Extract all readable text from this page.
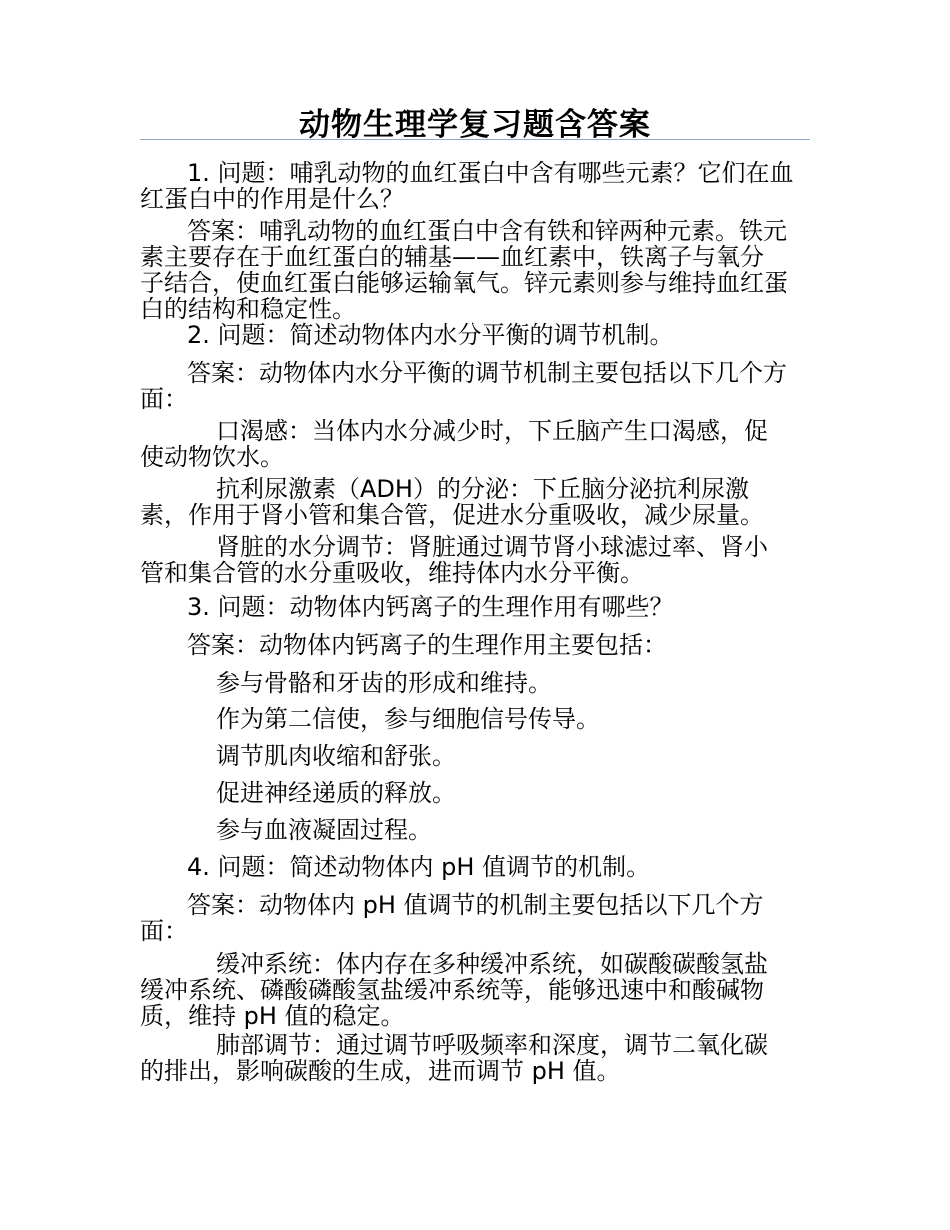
动物生理学复习题含答案
1. 问题：哺乳动物的血红蛋白中含有哪些元素？它们在血
红蛋白中的作用是什么？
答案：哺乳动物的血红蛋白中含有铁和锌两种元素。铁元
素主要存在于血红蛋白的辅基——血红素中，铁离子与氧分
子结合，使血红蛋白能够运输氧气。锌元素则参与维持血红蛋
白的结构和稳定性。
2. 问题：简述动物体内水分平衡的调节机制。
答案：动物体内水分平衡的调节机制主要包括以下几个方
面：
口渴感：当体内水分减少时，下丘脑产生口渴感，促
使动物饮水。
抗利尿激素（ADH）的分泌：下丘脑分泌抗利尿激
素，作用于肾小管和集合管，促进水分重吸收，减少尿量。
肾脏的水分调节：肾脏通过调节肾小球滤过率、肾小
管和集合管的水分重吸收，维持体内水分平衡。
3. 问题：动物体内钙离子的生理作用有哪些？
答案：动物体内钙离子的生理作用主要包括：
参与骨骼和牙齿的形成和维持。
作为第二信使，参与细胞信号传导。
调节肌肉收缩和舒张。
促进神经递质的释放。
参与血液凝固过程。
4. 问题：简述动物体内 pH 值调节的机制。
答案：动物体内 pH 值调节的机制主要包括以下几个方
面：
缓冲系统：体内存在多种缓冲系统，如碳酸碳酸氢盐
缓冲系统、磷酸磷酸氢盐缓冲系统等，能够迅速中和酸碱物
质，维持 pH 值的稳定。
肺部调节：通过调节呼吸频率和深度，调节二氧化碳
的排出，影响碳酸的生成，进而调节 pH 值。
